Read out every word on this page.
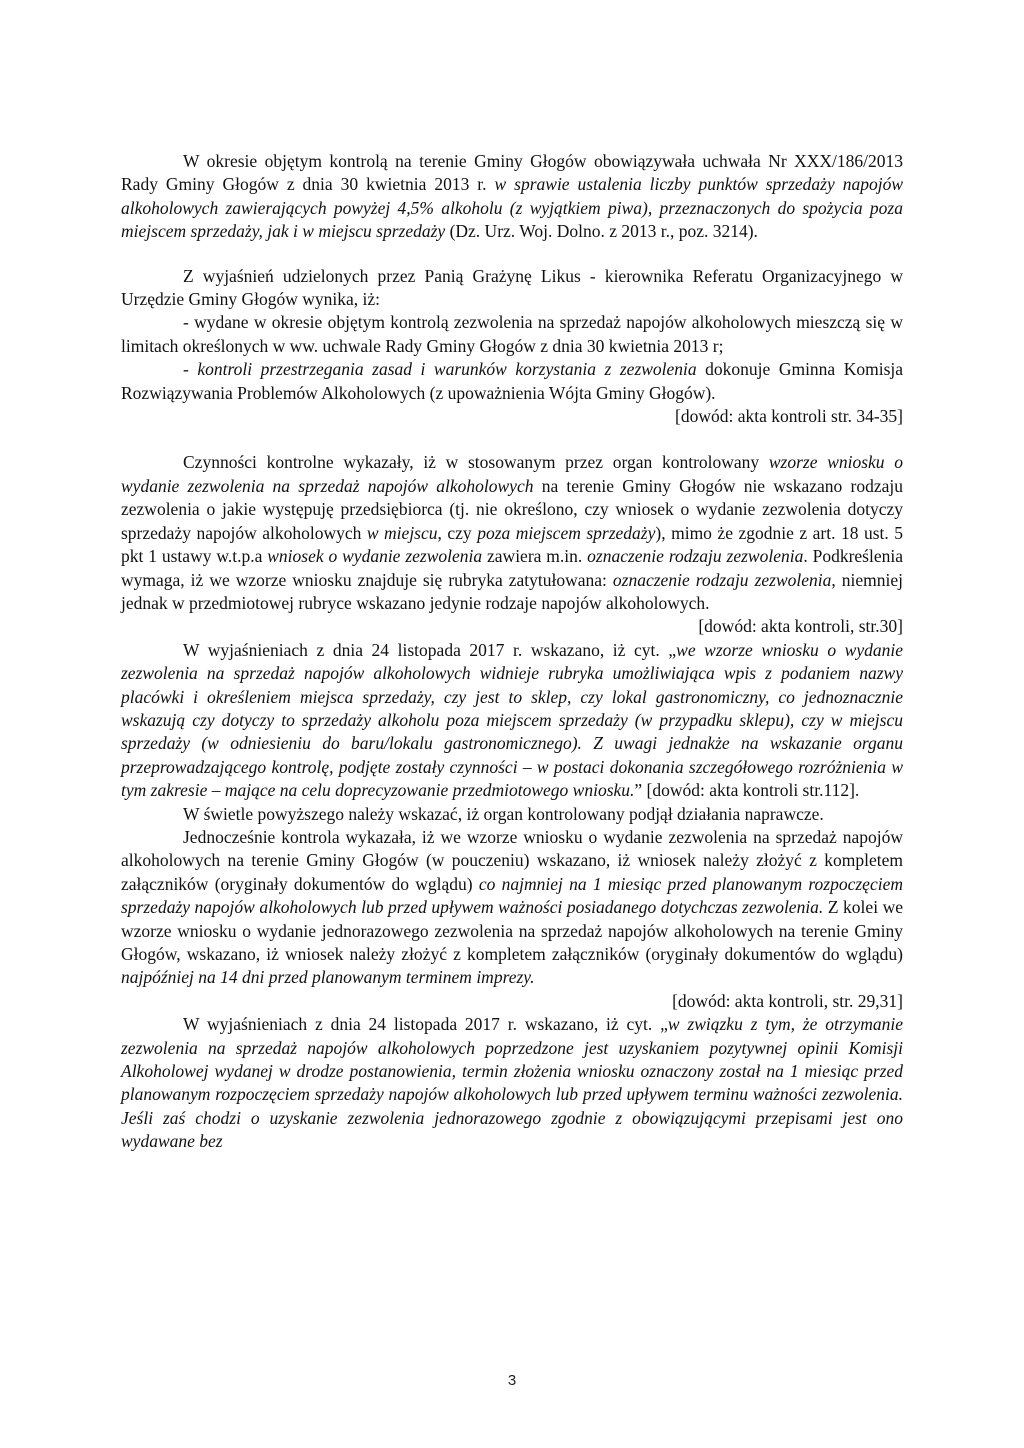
W okresie objętym kontrolą na terenie Gminy Głogów obowiązywała uchwała Nr XXX/186/2013 Rady Gminy Głogów z dnia 30 kwietnia 2013 r. w sprawie ustalenia liczby punktów sprzedaży napojów alkoholowych zawierających powyżej 4,5% alkoholu (z wyjątkiem piwa), przeznaczonych do spożycia poza miejscem sprzedaży, jak i w miejscu sprzedaży (Dz. Urz. Woj. Dolno. z 2013 r., poz. 3214).

Z wyjaśnień udzielonych przez Panią Grażynę Likus - kierownika Referatu Organizacyjnego w Urzędzie Gminy Głogów wynika, iż:

- wydane w okresie objętym kontrolą zezwolenia na sprzedaż napojów alkoholowych mieszczą się w limitach określonych w ww. uchwale Rady Gminy Głogów z dnia 30 kwietnia 2013 r;

- kontroli przestrzegania zasad i warunków korzystania z zezwolenia dokonuje Gminna Komisja Rozwiązywania Problemów Alkoholowych (z upoważnienia Wójta Gminy Głogów).

[dowód: akta kontroli str. 34-35]

Czynności kontrolne wykazały, iż w stosowanym przez organ kontrolowany wzorze wniosku o wydanie zezwolenia na sprzedaż napojów alkoholowych na terenie Gminy Głogów nie wskazano rodzaju zezwolenia o jakie występuję przedsiębiorca (tj. nie określono, czy wniosek o wydanie zezwolenia dotyczy sprzedaży napojów alkoholowych w miejscu, czy poza miejscem sprzedaży), mimo że zgodnie z art. 18 ust. 5 pkt 1 ustawy w.t.p.a wniosek o wydanie zezwolenia zawiera m.in. oznaczenie rodzaju zezwolenia. Podkreślenia wymaga, iż we wzorze wniosku znajduje się rubryka zatytułowana: oznaczenie rodzaju zezwolenia, niemniej jednak w przedmiotowej rubryce wskazano jedynie rodzaje napojów alkoholowych.

[dowód: akta kontroli, str.30]

W wyjaśnieniach z dnia 24 listopada 2017 r. wskazano, iż cyt. „we wzorze wniosku o wydanie zezwolenia na sprzedaż napojów alkoholowych widnieje rubryka umożliwiająca wpis z podaniem nazwy placówki i określeniem miejsca sprzedaży, czy jest to sklep, czy lokal gastronomiczny, co jednoznacznie wskazują czy dotyczy to sprzedaży alkoholu poza miejscem sprzedaży (w przypadku sklepu), czy w miejscu sprzedaży (w odniesieniu do baru/lokalu gastronomicznego). Z uwagi jednakże na wskazanie organu przeprowadzającego kontrolę, podjęte zostały czynności – w postaci dokonania szczegółowego rozróżnienia w tym zakresie – mające na celu doprecyzowanie przedmiotowego wniosku.” [dowód: akta kontroli str.112].

W świetle powyższego należy wskazać, iż organ kontrolowany podjął działania naprawcze.

Jednocześnie kontrola wykazała, iż we wzorze wniosku o wydanie zezwolenia na sprzedaż napojów alkoholowych na terenie Gminy Głogów (w pouczeniu) wskazano, iż wniosek należy złożyć z kompletem załączników (oryginały dokumentów do wglądu) co najmniej na 1 miesiąc przed planowanym rozpoczęciem sprzedaży napojów alkoholowych lub przed upływem ważności posiadanego dotychczas zezwolenia. Z kolei we wzorze wniosku o wydanie jednorazowego zezwolenia na sprzedaż napojów alkoholowych na terenie Gminy Głogów, wskazano, iż wniosek należy złożyć z kompletem załączników (oryginały dokumentów do wglądu) najpóźniej na 14 dni przed planowanym terminem imprezy.

[dowód: akta kontroli, str. 29,31]

W wyjaśnieniach z dnia 24 listopada 2017 r. wskazano, iż cyt. „w związku z tym, że otrzymanie zezwolenia na sprzedaż napojów alkoholowych poprzedzone jest uzyskaniem pozytywnej opinii Komisji Alkoholowej wydanej w drodze postanowienia, termin złożenia wniosku oznaczony został na 1 miesiąc przed planowanym rozpoczęciem sprzedaży napojów alkoholowych lub przed upływem terminu ważności zezwolenia. Jeśli zaś chodzi o uzyskanie zezwolenia jednorazowego zgodnie z obowiązującymi przepisami jest ono wydawane bez

3
